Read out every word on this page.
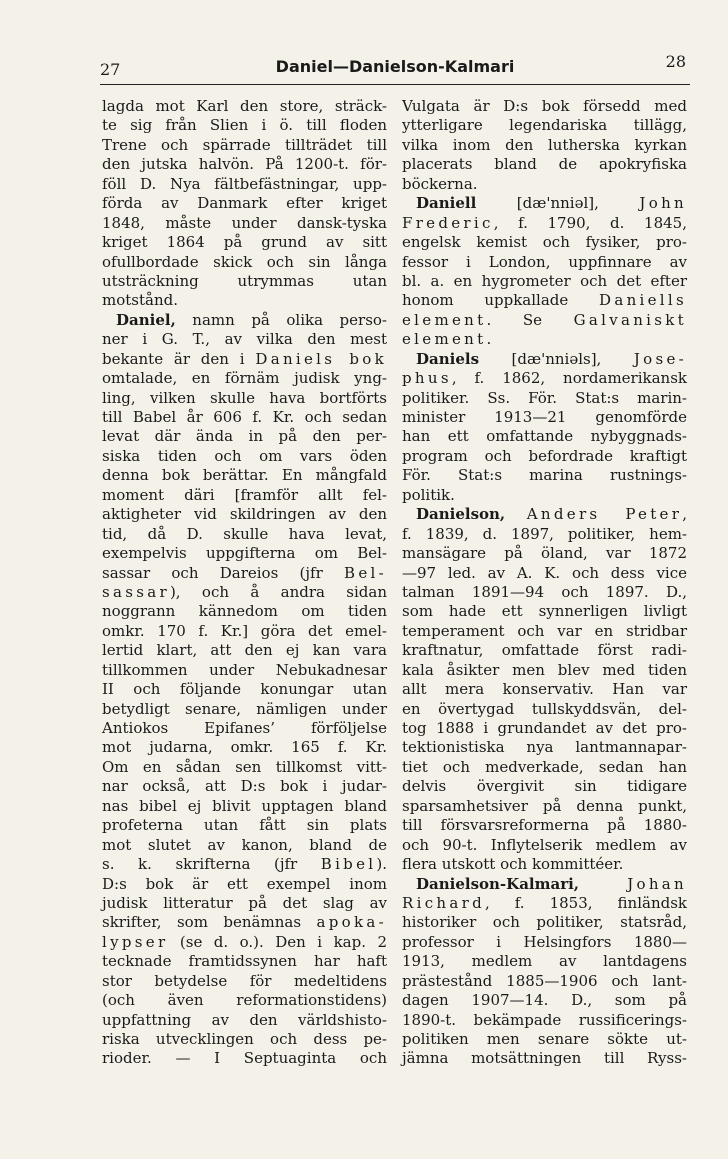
27	Daniel—Danielson-Kalmari	28
lagda mot Karl den store, sträck-
te sig från Slien i ö. till floden
Trene och spärrade tillträdet till
den jutska halvön. På 1200-t. för-
föll D. Nya fältbefästningar, upp-
förda av Danmark efter kriget
1848, måste under dansk-tyska
kriget 1864 på grund av sitt
ofullbordade skick och sin långa
utsträckning utrymmas utan
motstånd.
Daniel, namn på olika perso-
ner i G. T., av vilka den mest
bekante är den i Daniels bok
omtalade, en förnäm judisk yng-
ling, vilken skulle hava bortförts
till Babel år 606 f. Kr. och sedan
levat där ända in på den per-
siska tiden och om vars öden
denna bok berättar. En mångfald
moment däri [framför allt fel-
aktigheter vid skildringen av den
tid, då D. skulle hava levat,
exempelvis uppgifterna om Bel-
sassar och Dareios (jfr Bel-
sassar), och å andra sidan
noggrann kännedom om tiden
omkr. 170 f. Kr.] göra det emel-
lertid klart, att den ej kan vara
tillkommen under Nebukadnesar
II och följande konungar utan
betydligt senare, nämligen under
Antiokos Epifanes’ förföljelse
mot judarna, omkr. 165 f. Kr.
Om en sådan sen tillkomst vitt-
nar också, att D:s bok i judar-
nas bibel ej blivit upptagen bland
profeterna utan fått sin plats
mot slutet av kanon, bland de
s. k. skrifterna (jfr Bibel).
D:s bok är ett exempel inom
judisk litteratur på det slag av
skrifter, som benämnas apoka-
lypser (se d. o.). Den i kap. 2
tecknade framtidssynen har haft
stor betydelse för medeltidens
(och även reformationstidens)
uppfattning av den världshisto-
riska utvecklingen och dess pe-
rioder. — I Septuaginta och
Vulgata är D:s bok försedd med
ytterligare legendariska tillägg,
vilka inom den lutherska kyrkan
placerats bland de apokryfiska
böckerna.
Daniell [dæ'nniəl], John
Frederic, f. 1790, d. 1845,
engelsk kemist och fysiker, pro-
fessor i London, uppfinnare av
bl. a. en hygrometer och det efter
honom uppkallade Daniells
element. Se Galvaniskt
element.
Daniels [dæ'nniəls], Jose-
phus, f. 1862, nordamerikansk
politiker. Ss. För. Stat:s marin-
minister 1913—21 genomförde
han ett omfattande nybyggnads-
program och befordrade kraftigt
För. Stat:s marina rustnings-
politik.
Danielson, Anders Peter,
f. 1839, d. 1897, politiker, hem-
mansägare på öland, var 1872
—97 led. av A. K. och dess vice
talman 1891—94 och 1897. D.,
som hade ett synnerligen livligt
temperament och var en stridbar
kraftnatur, omfattade först radi-
kala åsikter men blev med tiden
allt mera konservativ. Han var
en övertygad tullskyddsvän, del-
tog 1888 i grundandet av det pro-
tektionistiska nya lantmannapar-
tiet och medverkade, sedan han
delvis övergivit sin tidigare
sparsamhetsiver på denna punkt,
till försvarsreformerna på 1880-
och 90-t. Inflytelserik medlem av
flera utskott och kommittéer.
Danielson-Kalmari,	Johan
Richard, f. 1853, finländsk
historiker och politiker, statsråd,
professor i Helsingfors 1880—
1913, medlem av lantdagens
prästestånd 1885—1906 och lant-
dagen 1907—14. D., som på
1890-t. bekämpade russificerings-
politiken men senare sökte ut-
jämna motsättningen till Ryss-
